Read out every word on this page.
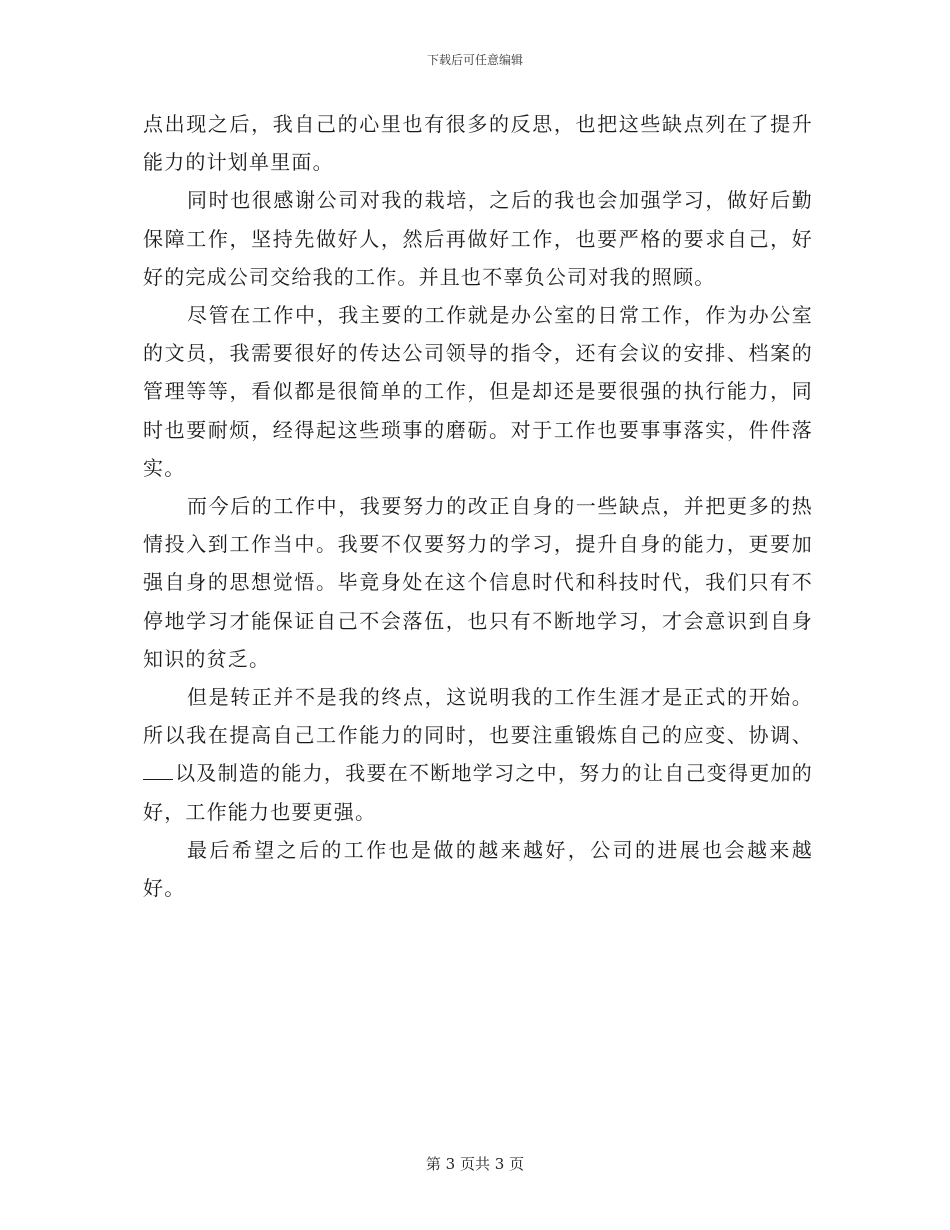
下载后可任意编辑

点出现之后，我自己的心里也有很多的反思，也把这些缺点列在了提升能力的计划单里面。

同时也很感谢公司对我的栽培，之后的我也会加强学习，做好后勤保障工作，坚持先做好人，然后再做好工作，也要严格的要求自己，好好的完成公司交给我的工作。并且也不辜负公司对我的照顾。

尽管在工作中，我主要的工作就是办公室的日常工作，作为办公室的文员，我需要很好的传达公司领导的指令，还有会议的安排、档案的管理等等，看似都是很简单的工作，但是却还是要很强的执行能力，同时也要耐烦，经得起这些琐事的磨砺。对于工作也要事事落实，件件落实。

而今后的工作中，我要努力的改正自身的一些缺点，并把更多的热情投入到工作当中。我要不仅要努力的学习，提升自身的能力，更要加强自身的思想觉悟。毕竟身处在这个信息时代和科技时代，我们只有不停地学习才能保证自己不会落伍，也只有不断地学习，才会意识到自身知识的贫乏。

但是转正并不是我的终点，这说明我的工作生涯才是正式的开始。所以我在提高自己工作能力的同时，也要注重锻炼自己的应变、协调、以及制造的能力，我要在不断地学习之中，努力的让自己变得更加的好，工作能力也要更强。

最后希望之后的工作也是做的越来越好，公司的进展也会越来越好。

第 3 页共 3 页
